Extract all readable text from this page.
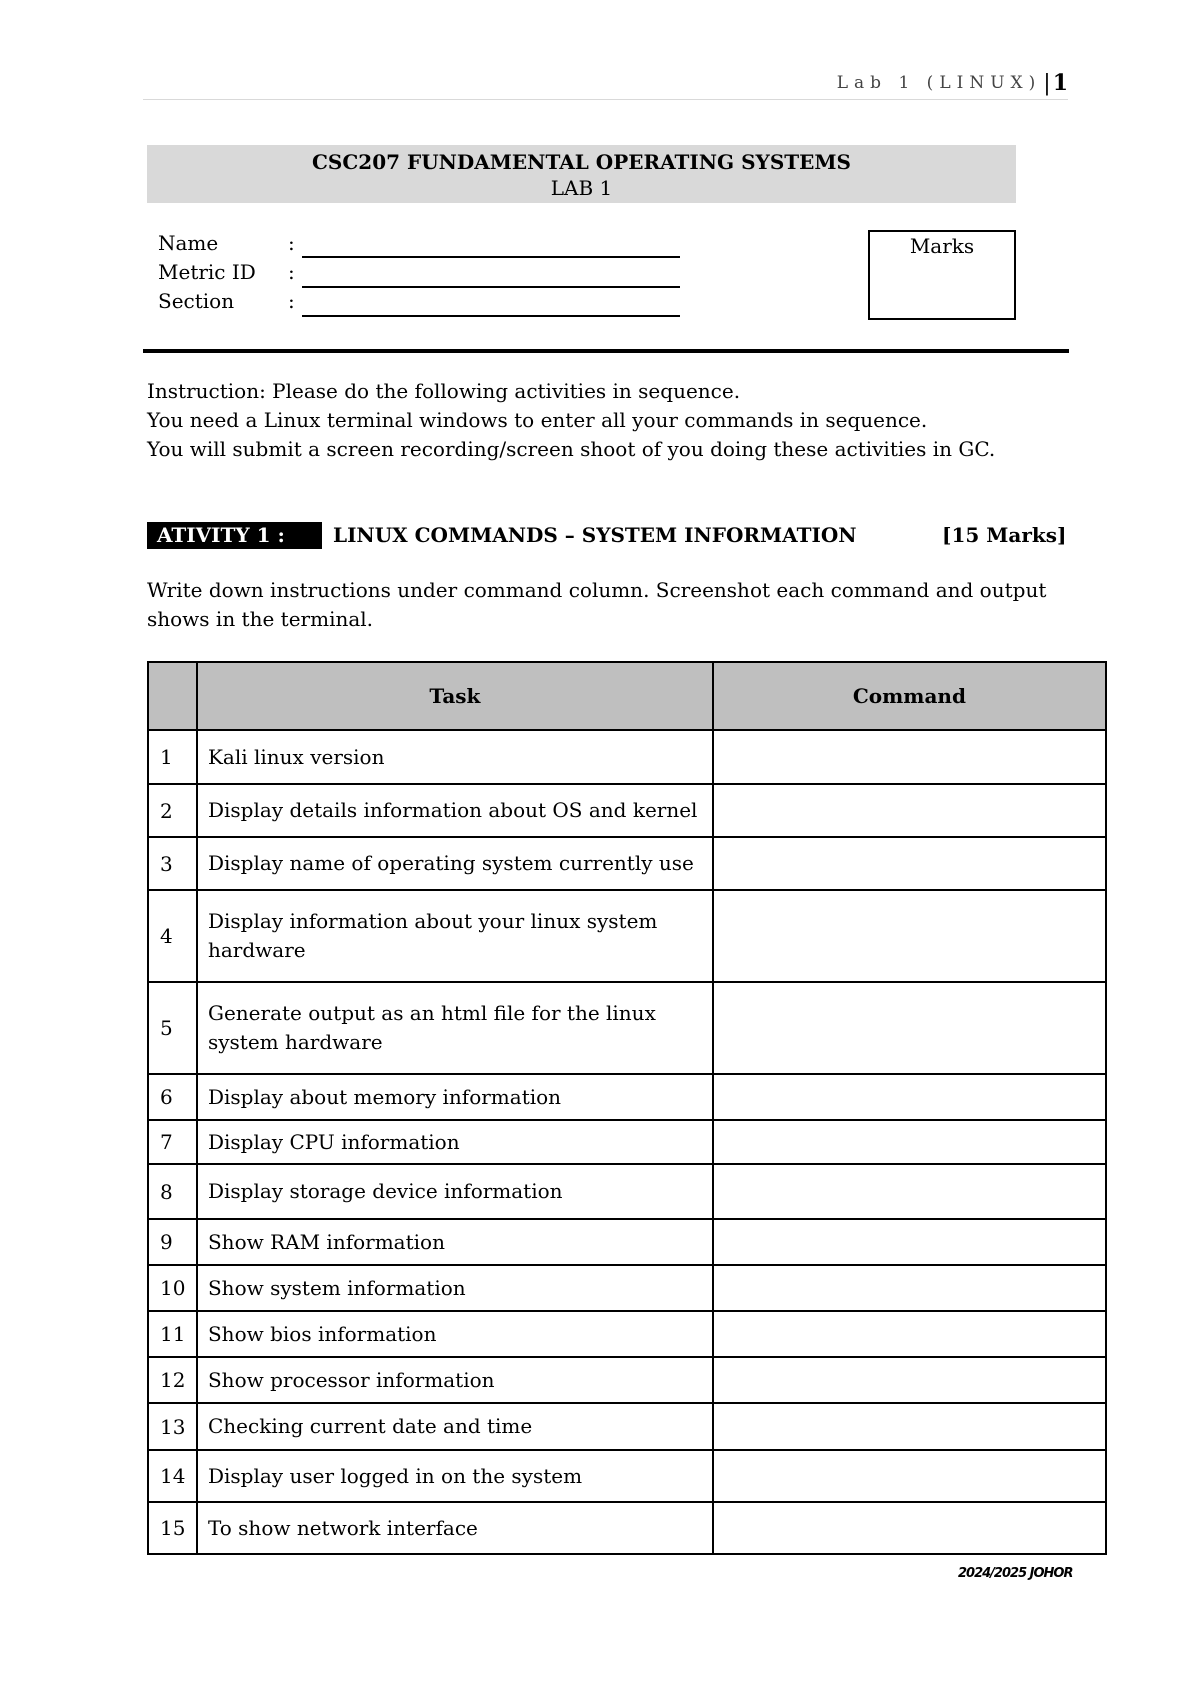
Lab 1 (LINUX)|1
CSC207 FUNDAMENTAL OPERATING SYSTEMS
LAB 1
Name	:
Metric ID :
Section	:
Marks
Instruction: Please do the following activities in sequence.
You need a Linux terminal windows to enter all your commands in sequence.
You will submit a screen recording/screen shoot of you doing these activities in GC.
ATIVITY 1 :	LINUX COMMANDS – SYSTEM INFORMATION	[15 Marks]
Write down instructions under command column. Screenshot each command and output shows in the terminal.
	Task	Command
1	Kali linux version	
2	Display details information about OS and kernel	
3	Display name of operating system currently use	
4	Display information about your linux system hardware	
5	Generate output as an html file for the linux system hardware	
6	Display about memory information	
7	Display CPU information	
8	Display storage device information	
9	Show RAM information	
10	Show system information	
11	Show bios information	
12	Show processor information	
13	Checking current date and time	
14	Display user logged in on the system	
15	To show network interface	
2024/2025 JOHOR
